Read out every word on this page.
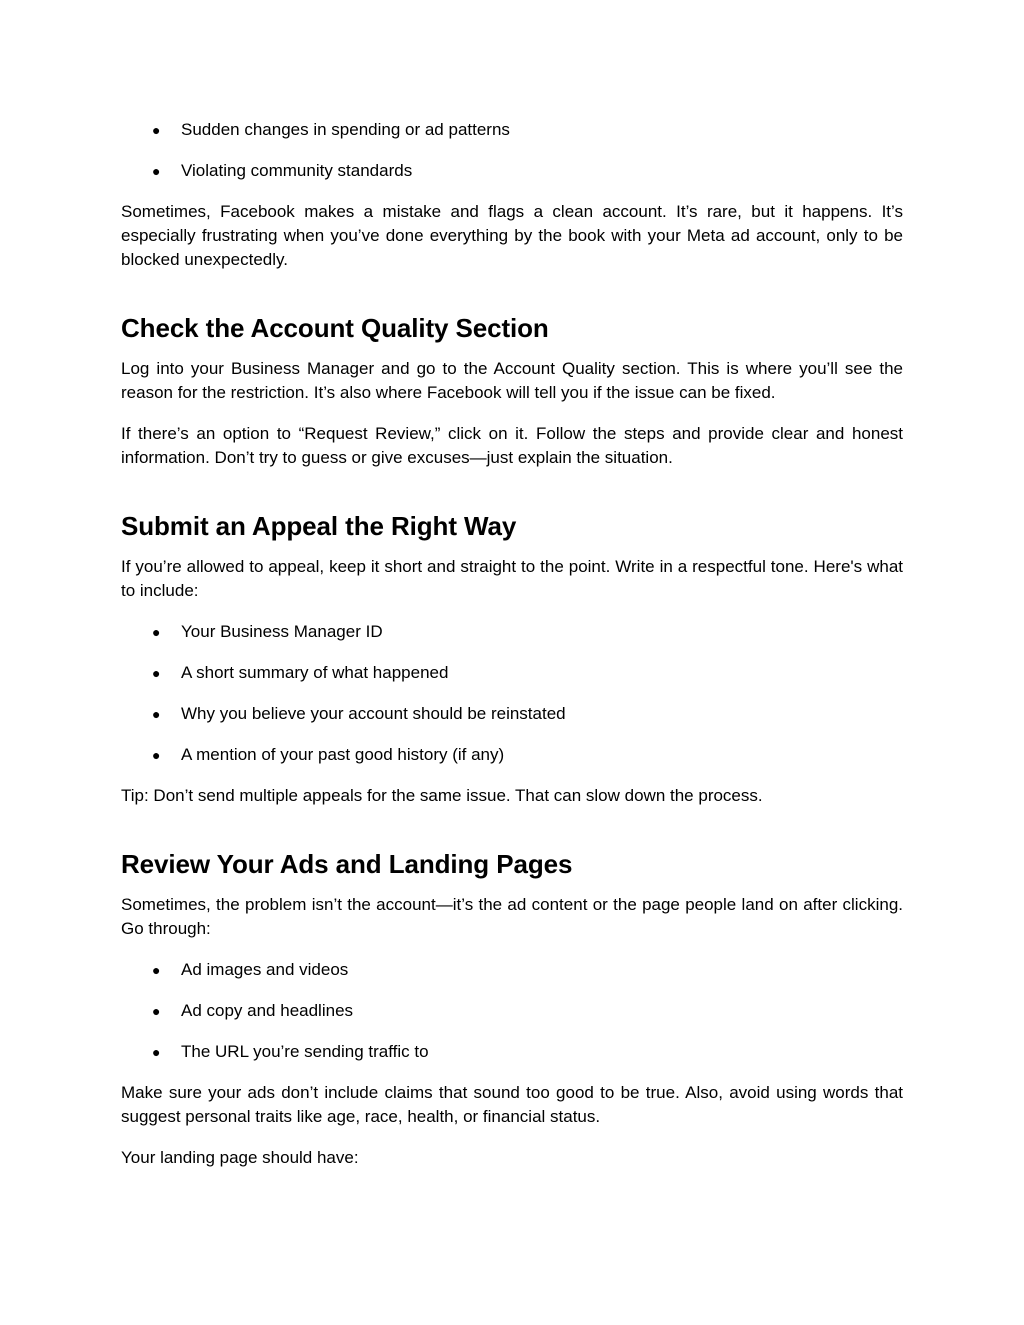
● Sudden changes in spending or ad patterns
● Violating community standards

Sometimes, Facebook makes a mistake and flags a clean account. It’s rare, but it happens. It’s especially frustrating when you’ve done everything by the book with your Meta ad account, only to be blocked unexpectedly.

Check the Account Quality Section

Log into your Business Manager and go to the Account Quality section. This is where you’ll see the reason for the restriction. It’s also where Facebook will tell you if the issue can be fixed.

If there’s an option to “Request Review,” click on it. Follow the steps and provide clear and honest information. Don’t try to guess or give excuses—just explain the situation.

Submit an Appeal the Right Way

If you’re allowed to appeal, keep it short and straight to the point. Write in a respectful tone. Here's what to include:

● Your Business Manager ID
● A short summary of what happened
● Why you believe your account should be reinstated
● A mention of your past good history (if any)

Tip: Don’t send multiple appeals for the same issue. That can slow down the process.

Review Your Ads and Landing Pages

Sometimes, the problem isn’t the account—it’s the ad content or the page people land on after clicking. Go through:

● Ad images and videos
● Ad copy and headlines
● The URL you’re sending traffic to

Make sure your ads don’t include claims that sound too good to be true. Also, avoid using words that suggest personal traits like age, race, health, or financial status.

Your landing page should have:
